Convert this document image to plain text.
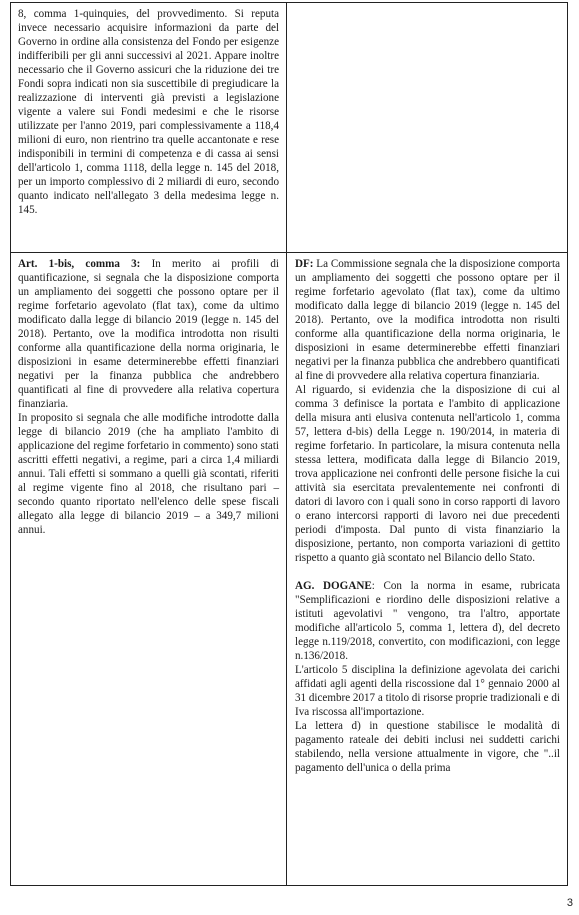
8, comma 1-quinquies, del provvedimento. Si reputa invece necessario acquisire informazioni da parte del Governo in ordine alla consistenza del Fondo per esigenze indifferibili per gli anni successivi al 2021. Appare inoltre necessario che il Governo assicuri che la riduzione dei tre Fondi sopra indicati non sia suscettibile di pregiudicare la realizzazione di interventi già previsti a legislazione vigente a valere sui Fondi medesimi e che le risorse utilizzate per l'anno 2019, pari complessivamente a 118,4 milioni di euro, non rientrino tra quelle accantonate e rese indisponibili in termini di competenza e di cassa ai sensi dell'articolo 1, comma 1118, della legge n. 145 del 2018, per un importo complessivo di 2 miliardi di euro, secondo quanto indicato nell'allegato 3 della medesima legge n. 145.

Art. 1-bis, comma 3: In merito ai profili di quantificazione, si segnala che la disposizione comporta un ampliamento dei soggetti che possono optare per il regime forfetario agevolato (flat tax), come da ultimo modificato dalla legge di bilancio 2019 (legge n. 145 del 2018). Pertanto, ove la modifica introdotta non risulti conforme alla quantificazione della norma originaria, le disposizioni in esame determinerebbe effetti finanziari negativi per la finanza pubblica che andrebbero quantificati al fine di provvedere alla relativa copertura finanziaria.

In proposito si segnala che alle modifiche introdotte dalla legge di bilancio 2019 (che ha ampliato l'ambito di applicazione del regime forfetario in commento) sono stati ascritti effetti negativi, a regime, pari a circa 1,4 miliardi annui. Tali effetti si sommano a quelli già scontati, riferiti al regime vigente fino al 2018, che risultano pari – secondo quanto riportato nell'elenco delle spese fiscali allegato alla legge di bilancio 2019 – a 349,7 milioni annui.

DF: La Commissione segnala che la disposizione comporta un ampliamento dei soggetti che possono optare per il regime forfetario agevolato (flat tax), come da ultimo modificato dalla legge di bilancio 2019 (legge n. 145 del 2018). Pertanto, ove la modifica introdotta non risulti conforme alla quantificazione della norma originaria, le disposizioni in esame determinerebbe effetti finanziari negativi per la finanza pubblica che andrebbero quantificati al fine di provvedere alla relativa copertura finanziaria.

Al riguardo, si evidenzia che la disposizione di cui al comma 3 definisce la portata e l'ambito di applicazione della misura anti elusiva contenuta nell'articolo 1, comma 57, lettera d-bis) della Legge n. 190/2014, in materia di regime forfetario. In particolare, la misura contenuta nella stessa lettera, modificata dalla legge di Bilancio 2019, trova applicazione nei confronti delle persone fisiche la cui attività sia esercitata prevalentemente nei confronti di datori di lavoro con i quali sono in corso rapporti di lavoro o erano intercorsi rapporti di lavoro nei due precedenti periodi d'imposta. Dal punto di vista finanziario la disposizione, pertanto, non comporta variazioni di gettito rispetto a quanto già scontato nel Bilancio dello Stato.

AG. DOGANE: Con la norma in esame, rubricata "Semplificazioni e riordino delle disposizioni relative a istituti agevolativi " vengono, tra l'altro, apportate modifiche all'articolo 5, comma 1, lettera d), del decreto legge n.119/2018, convertito, con modificazioni, con legge n.136/2018.

L'articolo 5 disciplina la definizione agevolata dei carichi affidati agli agenti della riscossione dal 1° gennaio 2000 al 31 dicembre 2017 a titolo di risorse proprie tradizionali e di Iva riscossa all'importazione.

La lettera d) in questione stabilisce le modalità di pagamento rateale dei debiti inclusi nei suddetti carichi stabilendo, nella versione attualmente in vigore, che "..il pagamento dell'unica o della prima

3
